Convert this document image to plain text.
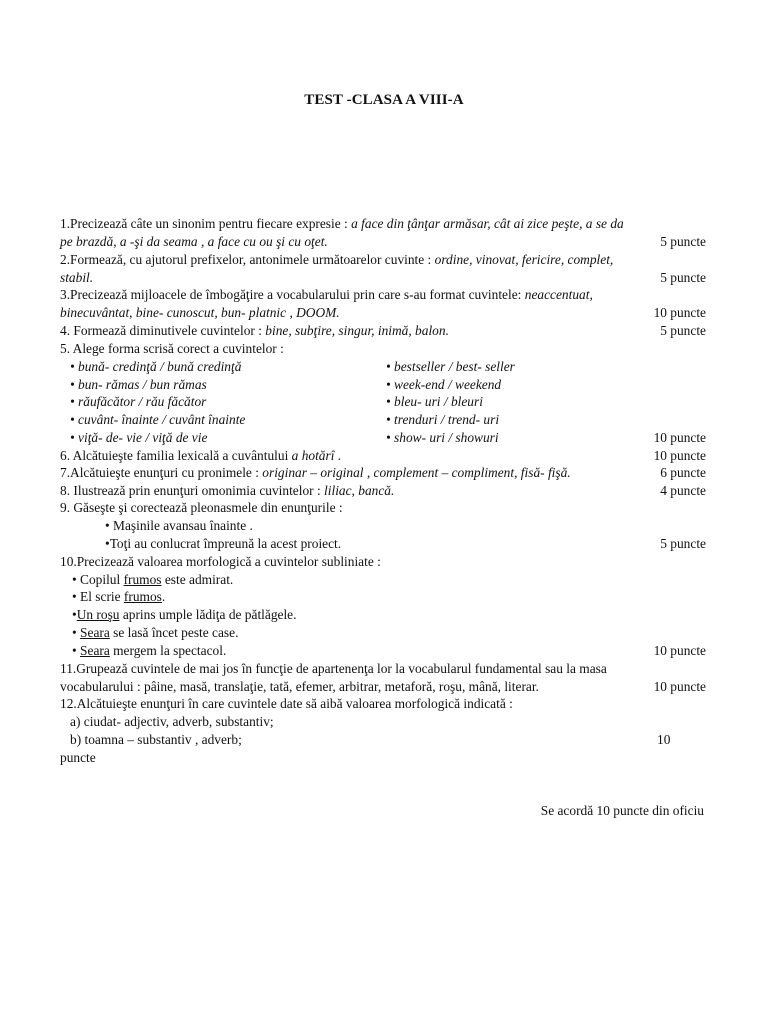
TEST -CLASA A VIII-A
1.Precizează câte un sinonim pentru fiecare expresie : a face din ţânţar armăsar, cât ai zice peşte, a se da
pe brazdă, a -şi da seama , a face cu ou şi cu oţet.	5 puncte
2.Formează, cu ajutorul prefixelor, antonimele următoarelor cuvinte : ordine, vinovat, fericire, complet,
stabil.	5 puncte
3.Precizează mijloacele de îmbogăţire a vocabularului prin care s-au format cuvintele: neaccentuat,
binecuvântat, bine- cunoscut, bun- platnic , DOOM.	10 puncte
4. Formează diminutivele cuvintelor : bine, subţire, singur, inimă, balon.	5 puncte
5. Alege forma scrisă corect a cuvintelor :
• bună- credinţă / bună credinţă	• bestseller / best- seller
• bun- rămas / bun rămas	• week-end / weekend
• răufăcător / rău făcător	• bleu- uri / bleuri
• cuvânt- înainte / cuvânt înainte	• trenduri / trend- uri
• viţă- de- vie / viţă de vie	• show- uri / showuri	10 puncte
6. Alcătuieşte familia lexicală a cuvântului a hotărî .	10 puncte
7.Alcătuieşte enunţuri cu pronimele : originar – original , complement – compliment, fisă- fişă.	6 puncte
8. Ilustrează prin enunţuri omonimia cuvintelor : liliac, bancă.	4 puncte
9. Găseşte şi corectează pleonasmele din enunţurile :
• Maşinile avansau înainte .
•Toţi au conlucrat împreună la acest proiect.	5 puncte
10.Precizează valoarea morfologică a cuvintelor subliniate :
• Copilul frumos este admirat.
• El scrie frumos.
•Un roşu aprins umple lădiţa de pătlăgele.
• Seara se lasă încet peste case.
• Seara mergem la spectacol.	10 puncte
11.Grupează cuvintele de mai jos în funcţie de apartenenţa lor la vocabularul fundamental sau la masa
vocabularului : pâine, masă, translaţie, tată, efemer, arbitrar, metaforă, roşu, mână, literar.	10 puncte
12.Alcătuieşte enunţuri în care cuvintele date să aibă valoarea morfologică indicată :
a) ciudat- adjectiv, adverb, substantiv;
b) toamna – substantiv , adverb;	10
puncte
Se acordă 10 puncte din oficiu
